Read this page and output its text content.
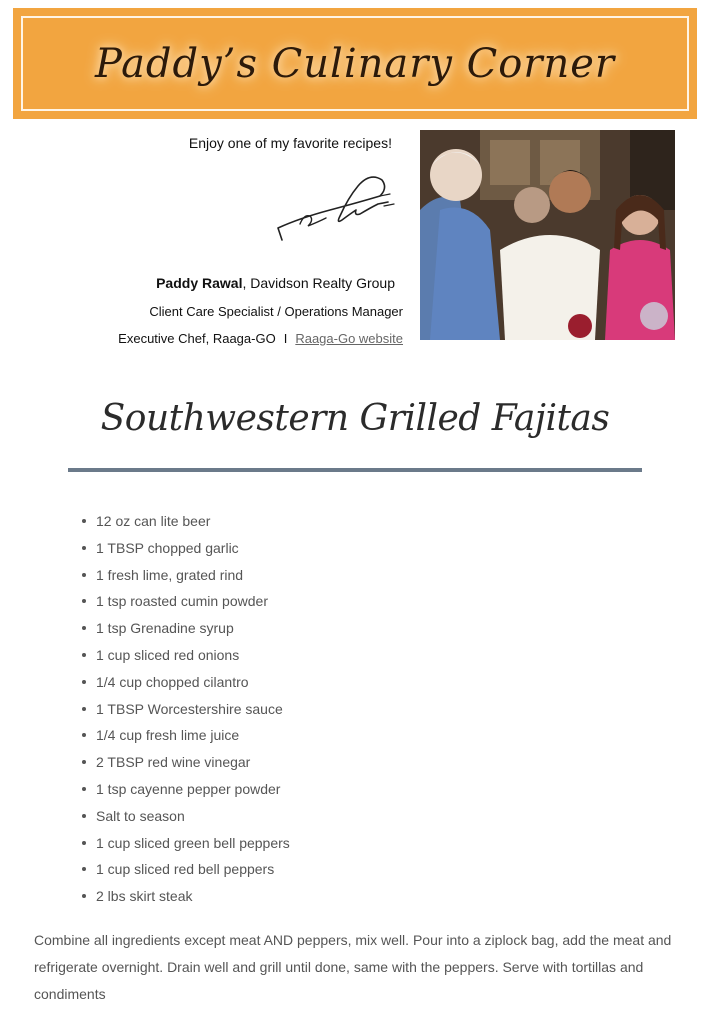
Paddy’s Culinary Corner
Enjoy one of my favorite recipes!
Paddy Rawal, Davidson Realty Group
Client Care Specialist / Operations Manager
Executive Chef, Raaga-GO I Raaga-Go website
Southwestern Grilled Fajitas
12 oz can lite beer
1 TBSP chopped garlic
1 fresh lime, grated rind
1 tsp roasted cumin powder
1 tsp Grenadine syrup
1 cup sliced red onions
1/4 cup chopped cilantro
1 TBSP Worcestershire sauce
1/4 cup fresh lime juice
2 TBSP red wine vinegar
1 tsp cayenne pepper powder
Salt to season
1 cup sliced green bell peppers
1 cup sliced red bell peppers
2 lbs skirt steak

Combine all ingredients except meat AND peppers, mix well. Pour into a ziplock bag, add the meat and refrigerate overnight. Drain well and grill until done, same with the peppers. Serve with tortillas and condiments
